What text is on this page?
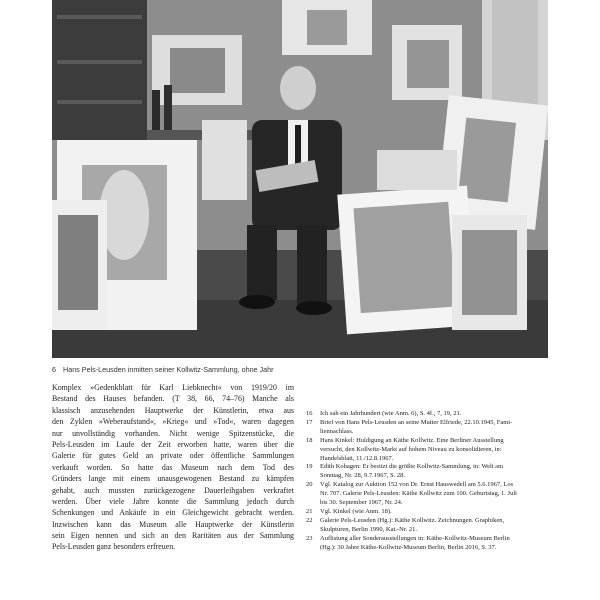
6 Hans Pels-Leusden inmitten seiner Kollwitz-Sammlung, ohne Jahr
Komplex »Gedenkblatt für Karl Liebknecht« von 1919/20 im
Bestand des Hauses befanden. (T 38, 66, 74–76) Manche als
klassisch anzusehenden Hauptwerke der Künstlerin, etwa aus
den Zyklen »Weberaufstand«, »Krieg« und »Tod«, waren dagegen
nur unvollständig vorhanden. Nicht wenige Spitzenstücke, die
Pels-Leusden im Laufe der Zeit erworben hatte, waren über die
Galerie für gutes Geld an private oder öffentliche Sammlungen
verkauft worden. So hatte das Museum nach dem Tod des
Gründers lange mit einem unausgewogenen Bestand zu kämpfen
gehabt, auch mussten zurückgezogene Dauerleihgaben verkraftet
werden. Über viele Jahre konnte die Sammlung jedoch durch
Schenkungen und Ankäufe in ein Gleichgewicht gebracht werden.
Inzwischen kann das Museum alle Hauptwerke der Künstlerin
sein Eigen nennen und sich an den Raritäten aus der Sammlung
Pels-Leusden ganz besonders erfreuen.
16	Ich sah ein Jahrhundert (wie Anm. 6), S. 4f., 7, 19, 21.
17	Brief von Hans Pels-Leusden an seine Mutter Elfriede, 22.10.1945, Fami-
liennachlass.
18	Hans Kinkel: Huldigung an Käthe Kollwitz. Eine Berliner Ausstellung
versucht, den Kollwitz-Markt auf hohem Niveau zu konsolidieren, in:
Handelsblatt, 11./12.8.1967.
19	Edith Kohagen: Er besitzt die größte Kollwitz-Sammlung, in: Welt am
Sonntag, Nr. 28, 9.7.1967, S. 28.
20	Vgl. Katalog zur Auktion 152 von Dr. Ernst Hauswedell am 5.6.1967, Los
Nr. 707. Galerie Pels-Leusden: Käthe Kollwitz zum 100. Geburtstag, 1. Juli
bis 30. September 1967, Nr. 24.
21	Vgl. Kinkel (wie Anm. 18).
22	Galerie Pels-Leusden (Hg.): Käthe Kollwitz. Zeichnungen. Graphiken,
Skulpturen, Berlin 1990, Kat.-Nr. 21.
23	Auflistung aller Sonderausstellungen in: Käthe-Kollwitz-Museum Berlin
(Hg.): 30 Jahre Käthe-Kollwitz-Museum Berlin, Berlin 2016, S. 37.
